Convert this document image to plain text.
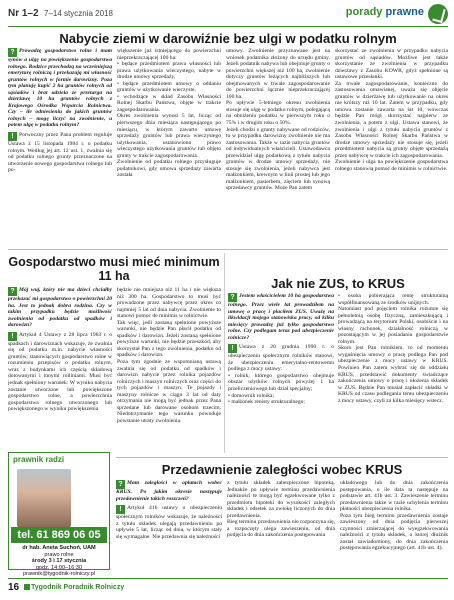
Nr 1–2 7–14 stycznia 2018	porady prawne
Nabycie ziemi w darowiźnie bez ulgi w podatku rolnym

? Prowadzę gospodarstwo rolne i mam synów a ulgę na powiększenie gospodarstwa rolnego. Rodzice przechodzą na wcześniejszą emeryturę rolniczą i przekazują mi własność gruntów rolnych w formie darowizny. Poza tym planuję kupić 2 ha gruntów rolnych od sąsiadów i brat udziela ze przetarga na dzierżawę 10 ha gruntów rolnych z Krajowego Ośrodka Wsparcia Rolnictwa. Czy – ile odniesieniu do jakich gruntów rolnych – mogę liczyć na zwolnienie, a potem ulgę w podatku rolnym?

! Porwoczny przez Pana problem reguluje Ustawa z 15 listopada 1984 r. o podatku rolnym. Według jej art. 12 ust. 1, zwalnia się od podatku rolnego grunty przeznaczone na utworzenie nowego gospodarstwa rolnego lub po-

większenie już istniejącego do powierzchni nieprzekraczającej 100 ha:
• będące przedmiotem prawa własności lub prawa użytkowania wieczystego, nabyte w drodze umowy sprzedaży,
• będące przedmiotem umowy o oddaniu gruntów w użytkowanie wieczyste,
• wchodzące w skład Zasobu Własności Rolnej Skarbu Państwa, objęte w trakcie zagospodarowania.
Okres zwolnienia wynosi 5 lat, licząc od pierwszego dnia miesiąca następującego po miesiącu, w którym zawarto umowę sprzedaży gruntów lub prawa wieczystego użytkowania, ustanowiono prawo wieczystego użytkowania gruntów lub objęto grunty w trakcie zagospodarowania.
Zwolnienie od podatku rolnego przysługuje podatnikowi, gdy umowa sprzedaży zawarta została
umowy. Zwolnienie przyznawane jest na wniosek podatnika złożony do urzędu gminy. Jeżeli podatnik nabywa lub obejmuje grunty o powierzchni większej niż 100 ha, zwolnienie dotyczy gruntów leżących najbliższych lub obejmowanych w trwale zagospodarowanie do powierzchni łącznie nieprzekraczającej 100 ha.
Po upływie 5-letniego okresu zwolnienia stosuje się ulgę w podatku rolnym, polegającą na obniżeniu podatku w pierwszym roku o 75% i w drugim roku o 50%.
Jeżeli chodzi o grunty nabywane od rodziców, to w przypadku darowizny zwolnienie nie ma zastosowania. Także w razie nabycia gruntów od indywidualnych właścicieli. Ustawodawca przewidział ulgę podatkową z tytułu nabycia gruntów w drodze umowy sprzedaży, nie stosuje się zwolnienia, jeżeli nabywca jest małżonkiem, krewnym w linii prostej lub jego małżonkiem, pasierbem, zięciem lub synową sprzedawcy gruntów. Może Pan zatem
skorzystać ze zwolnienia w przypadku nabycia gruntów od sąsiadów. Możliwe jest także skorzystanie ze zwolnienia w przypadku dzierżawy z Zasobu KOWR, gdyż spełnione są ustawowe przesłanki.
Za trwałe zagospodarowanie, konieczne do zastosowania omawianej, uważa się objęcie gruntów w dzierżawę lub użytkowanie na okres nie krótszy niż 10 lat. Zatem w przypadku, gdy umowa zostanie zawarta na lat 10, wówczas będzie Pan mógł skorzystać najpierw ze zwolnienia, a potem z ulgi. Ustawa stanowi, że zwolnienia i ulgi z tytułu nabycia gruntów z Zasobu Własności Rolnej Skarbu Państwa w drodze umowy sprzedaży nie stosuje się, jeżeli przedmiotem nabycia są grunty objęte sprzedażą przez nabywcę w trakcie ich zagospodarowania.
Zwolnienie i ulga na powiększenie gospodarstwa rolnego stanowią pomoc de minimis w rolnictwie.
Gospodarstwo musi mieć minimum 11 ha

? Mój wuj, który nie ma dzieci chciałby przekazać mi gospodarstwo o powierzchni 20 ha. Jest to jednak dobra rodzina. Czy w takim przypadku będzie możliwość zwolnienia od podatku od spadków i darowizn?

! Artykuł 4 Ustawy z 28 lipca 1983 r. o spadkach i darowiznach wskazuje, że zwalnia się od podatku m.in. nabycie własności gruntów, stanowiących gospodarstwo rolne w rozumieniu przepisów o podatku rolnym, wraz z budynkami ich częścią składową dotowanymi i innymi rolliniami. Musi być jednak spełniony warunek: W wyniku nabycia zostanie utworzone lub powiększone gospodarstwo rolne, a powierzchnia gospodarstwa rolnego utworzonego lub powiększonego w wyniku powiększenia

będzie nie mniejsza niż 11 ha i nie większa niż 300 ha. Gospodarstwo to musi być prowadzone przez nabywcę przez okres co najmniej 5 lat od dnia nabycia. Zwolnienie to stanowi pomoc de minimis w rolnictwie.
Tak więc, jeśli zostaną spełnione powyższe warunki, nie będzie Pan płacił podatku od spadków i darowizn. Jeżeli zostaną spełnione powyższe warunki, nie będzie przeszkód, aby skorzystał Pan z tego zwolnienia, podatku od spadków i darowizn.
Poza tym zgodnie ze wspomnianą ustawą zwalnia się od podatku od spadków i darowizn nabycie przez rolnika pojazdów rolniczych i maszyn rolniczych oraz części do tych pojazdów i maszyn. Te pojazdy i maszyny rolnicze w ciągu 3 lat od daty otrzymania nie mogą być jednak przez Pana sprzedane lub darowane osobom trzecim. Niedotrzymanie tego warunku powoduje powstanie utraty zwolnienia.
Jak nie ZUS, to KRUS

? Jestem właścicielem 10 ha gospodarstwa rolnego. Przez wiele lat prowadziłem na umowę o pracę i płaciłem ZUS. Uważę na likwidacji mojego stanowiska pracy, od kilku miesięcy prowadzę już tylko gospodarstwo rolne. Czy podlegam teraz pod ubezpieczenie rolnicze?

! Ustawa z 20 grudnia 1990 r. o ubezpieczeniu społecznym rolników stanowi, że ubezpieczeniu emerytalno-rentowemu podlega z mocy ustawy:
• rolnik, którego gospodarstwo obejmuje obszar użytków rolnych powyżej 1 ha przeliczeniowego lub dział specjalny;
• domownik rolnika;
• małżonek renisty strukturalnego;

• osoba pobierająca rentę strukturalną współfinansowaną ze środków unijnych.
Natomiast pod pojęciem rolnika rozumie się pełnoletnią osobę fizyczną, zamieszkującą i prowadzącą na terytorium Polski, osobiście i na własny rachunek, działalność rolniczą w pozostającym w jej posiadaniu gospodarstwie rolnym.
Skoro jest Pan rolnikiem, to od momentu wygaśnięcia umowy o pracę podlega Pan pod ubezpieczenie z mocy ustawy w KRUS. Powinien Pan zatem wybrać się do oddziału KRUS, przedstawić dokumenty świadczące zakończenia umowy o pracę i ułożenia składek w ZUS. Będzie Pan musiał zapłacić składki w KRUS od czasu podlegania temu ubezpieczeniu z mocy ustawy, czyli za kilka miesięcy wstecz.
prawnik radzi
tel. 61 869 06 05
dr hab. Aneta Suchoń, UAM
prawo rolne
środy 3 i 17 stycznia
godz. 14:00–16:30
prawnik@tygodnik-rolniczy.pl
Przedawnienie zaległości wobec KRUS

? Mam zaległości w opłatach wobec KRUS. Po jakim okresie następuje przedawnienie takich roszczeń?

! Artykuł 41b ustawy o ubezpieczeniu społecznym rolników wskazuje, że należności z tytułu składek ulegają przedawnieniu po upływie 5 lat, licząc od dnia, w którym stały się wymagalne. Nie przedawnia się należności

z tytułu składek zabezpieczone hipoteką. Jednakże po upływie terminu przedawnienia należności te mogą być egzekwowane tylko z przedmiotu hipoteki do wysokości zaległych składek i odsetek za zwłokę liczonych do dnia przedawnienia.
Bieg terminu przedawnienia nie rozpoczyna się, a rozpoczęty ulega zawieszeniu, od dnia podjęcia do dnia zakończenia postępowania
układowego lub do dnia zakończenia postępowania, o ile data ta następuje na podstawie art. 41b ust. 3. Zawieszenie terminu przedawnienia także w razie uchylenia terminu płatności ubezpieczenia rolnika.
Poza tym bieg terminu przedawnienia zostaje zawieszony od dnia podjęcia pierwszej czynności zmierzającej do wyegzekwowania należności z tytułu składek, o której dłużnik został zawiadomiony, do dnia zakończenia postępowania egzekucyjnego (art. 41b ust. 4).
16	Tygodnik Poradnik Rolniczy
